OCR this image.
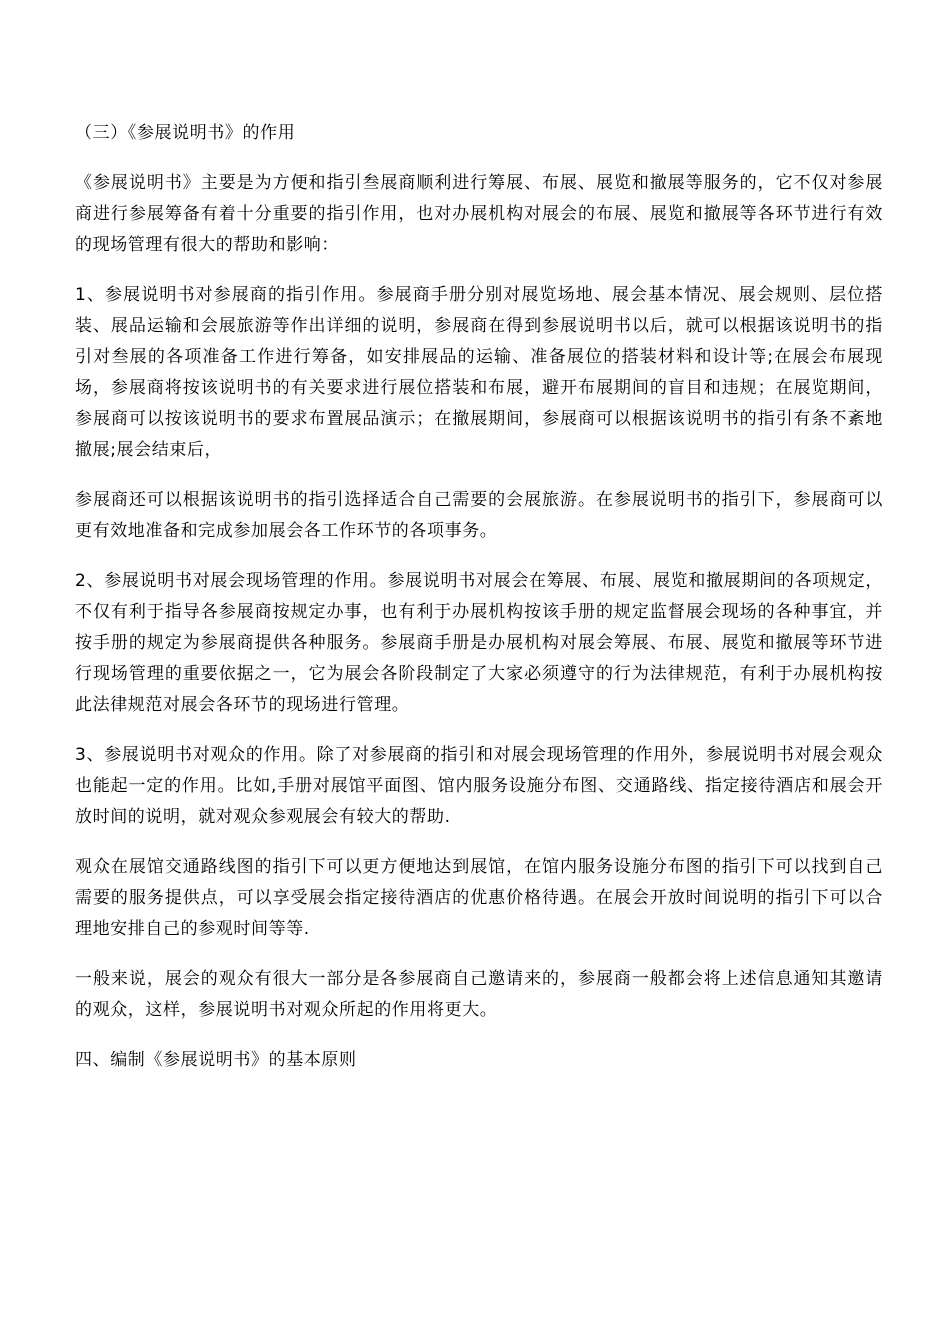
（三）《参展说明书》的作用

《参展说明书》主要是为方便和指引叁展商顺利进行筹展、布展、展览和撤展等服务的，它不仅对参展商进行参展筹备有着十分重要的指引作用，也对办展机构对展会的布展、展览和撤展等各环节进行有效的现场管理有很大的帮助和影响：

1、参展说明书对参展商的指引作用。参展商手册分别对展览场地、展会基本情况、展会规则、层位搭装、展品运输和会展旅游等作出详细的说明，参展商在得到参展说明书以后，就可以根据该说明书的指引对叁展的各项准备工作进行筹备，如安排展品的运输、准备展位的搭装材料和设计等;在展会布展现场，参展商将按该说明书的有关要求进行展位搭装和布展，避开布展期间的盲目和违规；在展览期间，参展商可以按该说明书的要求布置展品演示；在撤展期间，参展商可以根据该说明书的指引有条不紊地撤展;展会结束后，

参展商还可以根据该说明书的指引选择适合自己需要的会展旅游。在参展说明书的指引下，参展商可以更有效地准备和完成参加展会各工作环节的各项事务。

2、参展说明书对展会现场管理的作用。参展说明书对展会在筹展、布展、展览和撤展期间的各项规定，不仅有利于指导各参展商按规定办事，也有利于办展机构按该手册的规定监督展会现场的各种事宜，并按手册的规定为参展商提供各种服务。参展商手册是办展机构对展会筹展、布展、展览和撤展等环节进行现场管理的重要依据之一，它为展会各阶段制定了大家必须遵守的行为法律规范，有利于办展机构按此法律规范对展会各环节的现场进行管理。

3、参展说明书对观众的作用。除了对参展商的指引和对展会现场管理的作用外，参展说明书对展会观众也能起一定的作用。比如,手册对展馆平面图、馆内服务设施分布图、交通路线、指定接待酒店和展会开放时间的说明，就对观众参观展会有较大的帮助.

观众在展馆交通路线图的指引下可以更方便地达到展馆，在馆内服务设施分布图的指引下可以找到自己需要的服务提供点，可以享受展会指定接待酒店的优惠价格待遇。在展会开放时间说明的指引下可以合理地安排自己的参观时间等等.

一般来说，展会的观众有很大一部分是各参展商自己邀请来的，参展商一般都会将上述信息通知其邀请的观众，这样，参展说明书对观众所起的作用将更大。

四、编制《参展说明书》的基本原则
